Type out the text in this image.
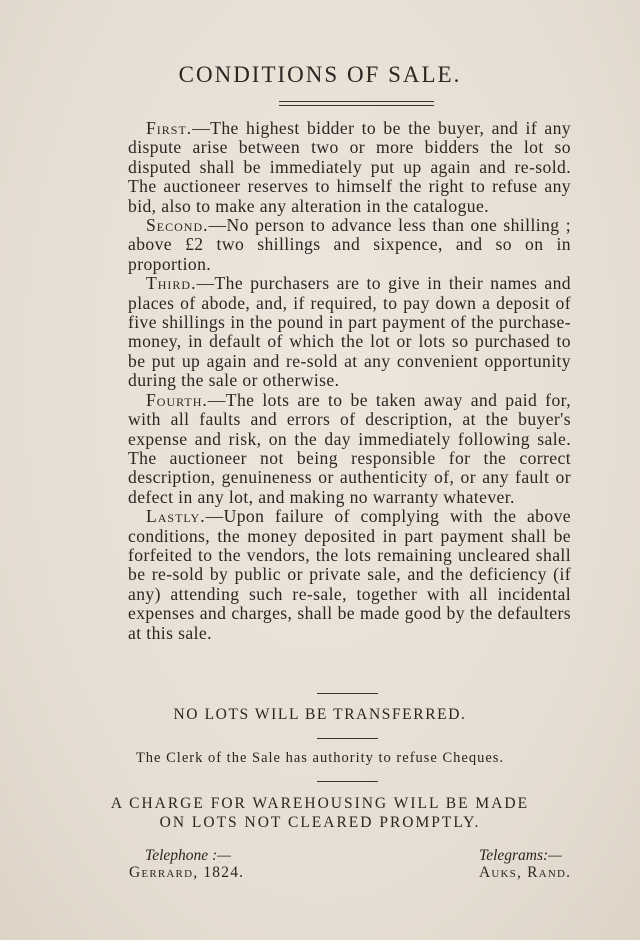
CONDITIONS OF SALE.

First.—The highest bidder to be the buyer, and if any dispute arise between two or more bidders the lot so disputed shall be immediately put up again and re-sold. The auctioneer reserves to himself the right to refuse any bid, also to make any alteration in the catalogue.

Second.—No person to advance less than one shilling ; above £2 two shillings and sixpence, and so on in proportion.

Third.—The purchasers are to give in their names and places of abode, and, if required, to pay down a deposit of five shillings in the pound in part payment of the purchase-money, in default of which the lot or lots so purchased to be put up again and re-sold at any convenient opportunity during the sale or otherwise.

Fourth.—The lots are to be taken away and paid for, with all faults and errors of description, at the buyer's expense and risk, on the day immediately following sale. The auctioneer not being responsible for the correct description, genuineness or authenticity of, or any fault or defect in any lot, and making no warranty whatever.

Lastly.—Upon failure of complying with the above conditions, the money deposited in part payment shall be forfeited to the vendors, the lots remaining uncleared shall be re-sold by public or private sale, and the deficiency (if any) attending such re-sale, together with all incidental expenses and charges, shall be made good by the defaulters at this sale.

NO LOTS WILL BE TRANSFERRED.
The Clerk of the Sale has authority to refuse Cheques.
A CHARGE FOR WAREHOUSING WILL BE MADE
ON LOTS NOT CLEARED PROMPTLY.
Telephone :—
Gerrard, 1824.
Telegrams:—
Auks, Rand.
